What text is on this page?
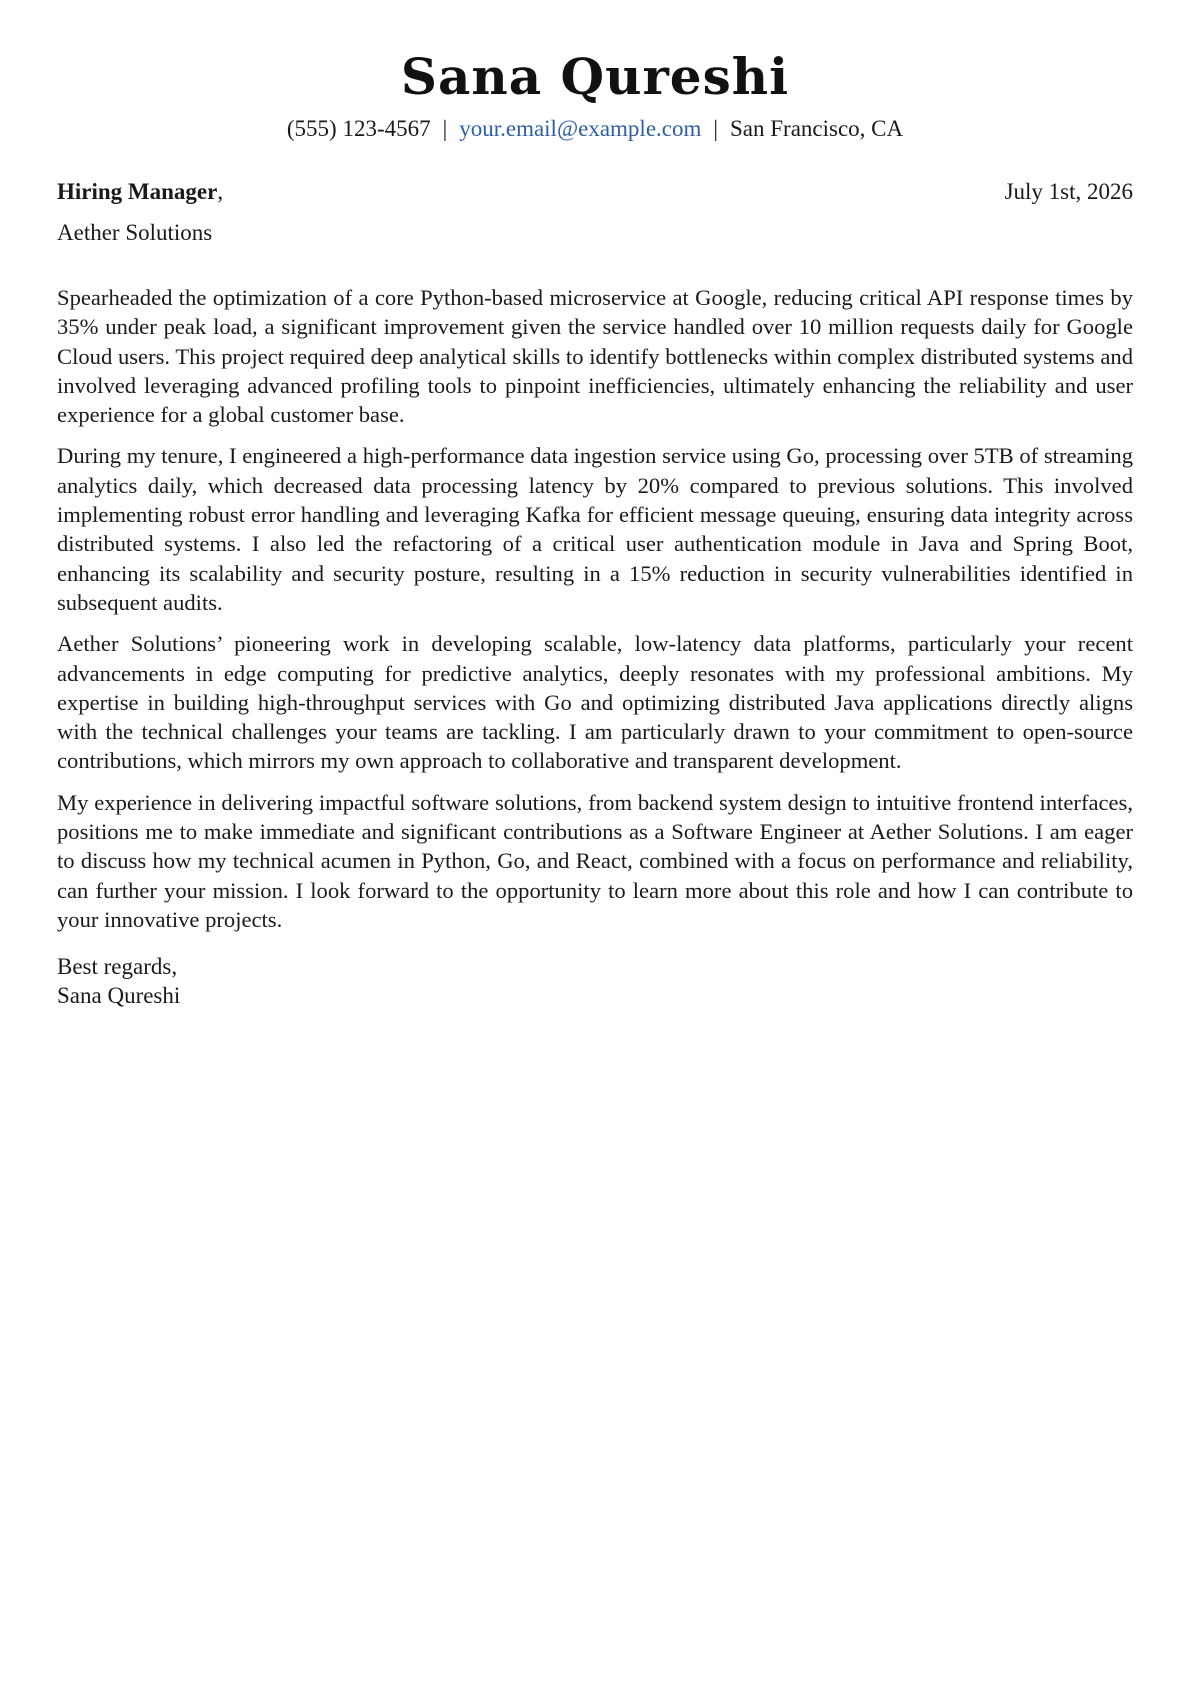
Sana Qureshi
(555) 123-4567 | your.email@example.com | San Francisco, CA
Hiring Manager,	July 1st, 2026
Aether Solutions

Spearheaded the optimization of a core Python-based microservice at Google, reducing critical API response times by 35% under peak load, a significant improvement given the service handled over 10 million requests daily for Google Cloud users. This project required deep analytical skills to identify bottlenecks within complex distributed systems and involved leveraging advanced profiling tools to pinpoint inefficiencies, ultimately enhancing the reliability and user experience for a global customer base.

During my tenure, I engineered a high-performance data ingestion service using Go, processing over 5TB of streaming analytics daily, which decreased data processing latency by 20% compared to previous solutions. This involved implementing robust error handling and leveraging Kafka for efficient message queuing, ensuring data integrity across distributed systems. I also led the refactoring of a critical user authentication module in Java and Spring Boot, enhancing its scalability and security posture, resulting in a 15% reduction in security vulnerabilities identified in subsequent audits.

Aether Solutions’ pioneering work in developing scalable, low-latency data platforms, particularly your recent advancements in edge computing for predictive analytics, deeply resonates with my professional ambitions. My expertise in building high-throughput services with Go and optimizing distributed Java applications directly aligns with the technical challenges your teams are tackling. I am particularly drawn to your commitment to open-source contributions, which mirrors my own approach to collaborative and transparent development.

My experience in delivering impactful software solutions, from backend system design to intuitive frontend interfaces, positions me to make immediate and significant contributions as a Software Engineer at Aether Solutions. I am eager to discuss how my technical acumen in Python, Go, and React, combined with a focus on performance and reliability, can further your mission. I look forward to the opportunity to learn more about this role and how I can contribute to your innovative projects.

Best regards,
Sana Qureshi
